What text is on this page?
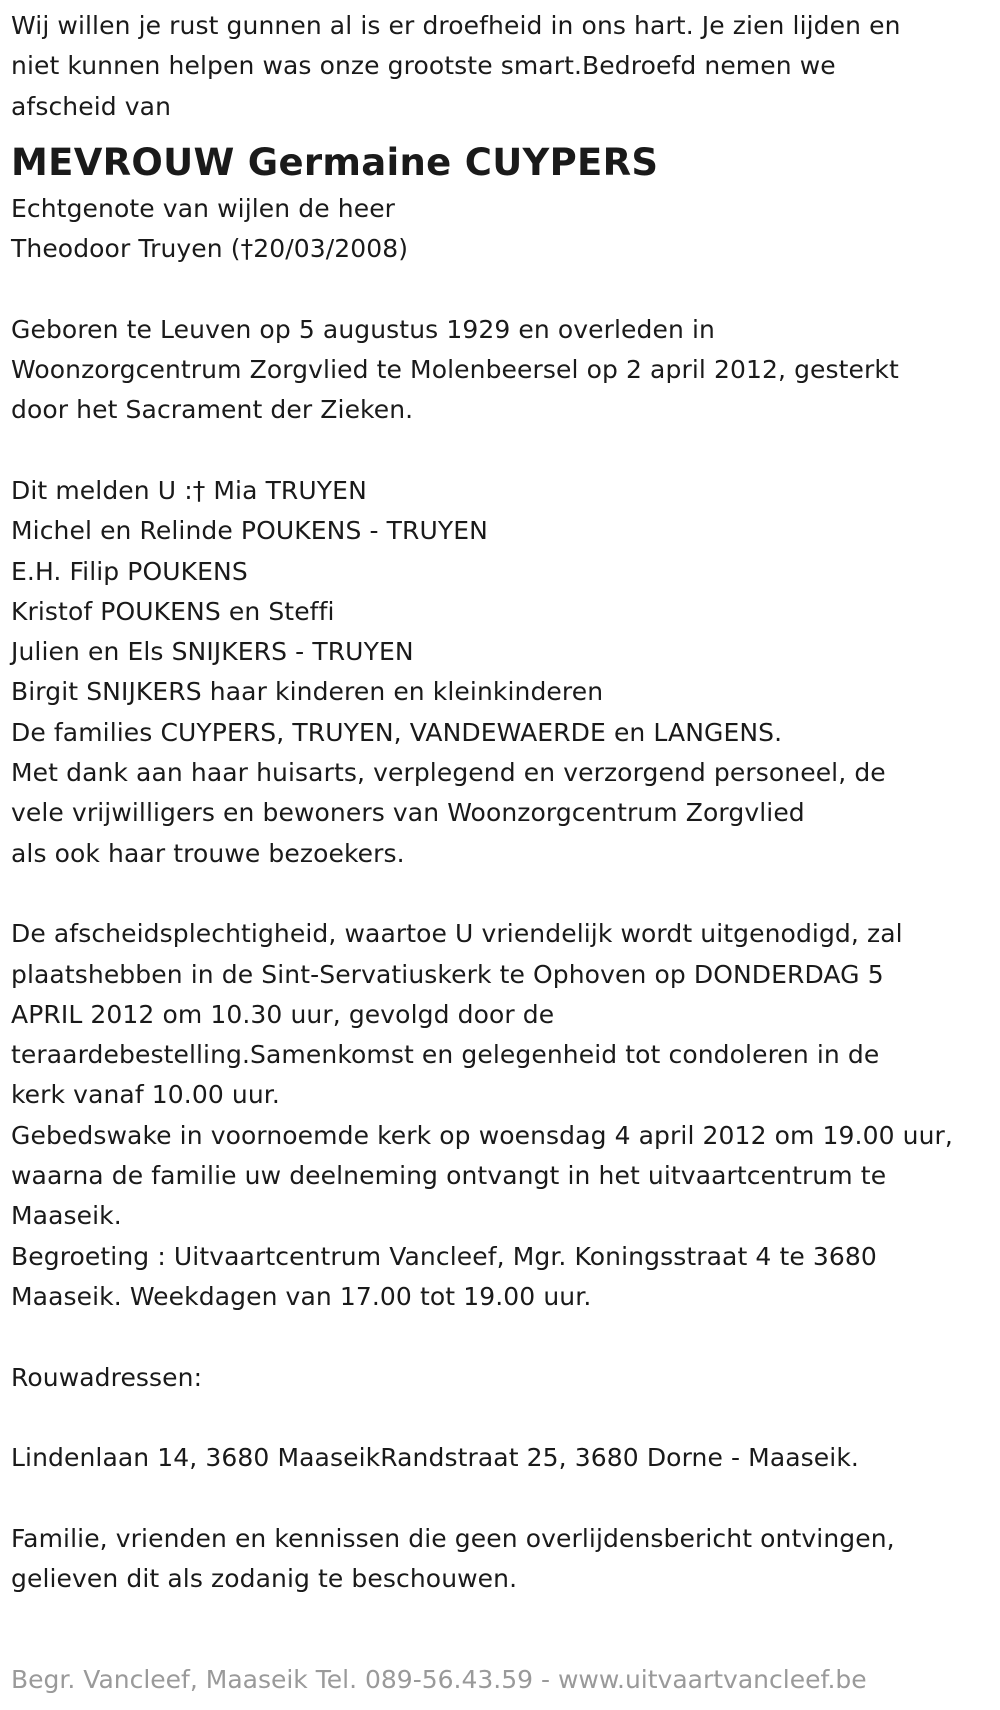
Wij willen je rust gunnen al is er droefheid in ons hart. Je zien lijden en
niet kunnen helpen was onze grootste smart.Bedroefd nemen we
afscheid van
MEVROUW Germaine CUYPERS
Echtgenote van wijlen de heer
Theodoor Truyen (†20/03/2008)
Geboren te Leuven op 5 augustus 1929 en overleden in
Woonzorgcentrum Zorgvlied te Molenbeersel op 2 april 2012, gesterkt
door het Sacrament der Zieken.
Dit melden U :† Mia TRUYEN
Michel en Relinde POUKENS - TRUYEN
E.H. Filip POUKENS
Kristof POUKENS en Steffi
Julien en Els SNIJKERS - TRUYEN
Birgit SNIJKERS haar kinderen en kleinkinderen
De families CUYPERS, TRUYEN, VANDEWAERDE en LANGENS.
Met dank aan haar huisarts, verplegend en verzorgend personeel, de
vele vrijwilligers en bewoners van Woonzorgcentrum Zorgvlied
als ook haar trouwe bezoekers.
De afscheidsplechtigheid, waartoe U vriendelijk wordt uitgenodigd, zal
plaatshebben in de Sint-Servatiuskerk te Ophoven op DONDERDAG 5
APRIL 2012 om 10.30 uur, gevolgd door de
teraardebestelling.Samenkomst en gelegenheid tot condoleren in de
kerk vanaf 10.00 uur.
Gebedswake in voornoemde kerk op woensdag 4 april 2012 om 19.00 uur,
waarna de familie uw deelneming ontvangt in het uitvaartcentrum te
Maaseik.
Begroeting : Uitvaartcentrum Vancleef, Mgr. Koningsstraat 4 te 3680
Maaseik. Weekdagen van 17.00 tot 19.00 uur.
Rouwadressen:
Lindenlaan 14, 3680 MaaseikRandstraat 25, 3680 Dorne - Maaseik.
Familie, vrienden en kennissen die geen overlijdensbericht ontvingen,
gelieven dit als zodanig te beschouwen.
Begr. Vancleef, Maaseik Tel. 089-56.43.59 - www.uitvaartvancleef.be
